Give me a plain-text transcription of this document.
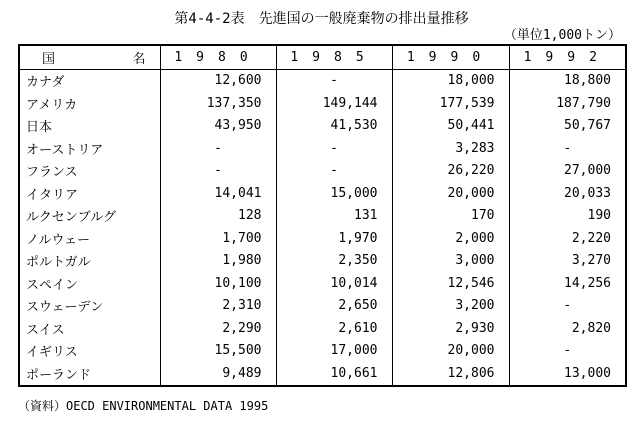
第4-4-2表　先進国の一般廃棄物の排出量推移
（単位1,000トン）
国 名	1980	1985	1990	1992
カナダ	12,600	-	18,000	18,800
アメリカ	137,350	149,144	177,539	187,790
日本	43,950	41,530	50,441	50,767
オーストリア	-	-	3,283	-
フランス	-	-	26,220	27,000
イタリア	14,041	15,000	20,000	20,033
ルクセンブルグ	128	131	170	190
ノルウェー	1,700	1,970	2,000	2,220
ポルトガル	1,980	2,350	3,000	3,270
スペイン	10,100	10,014	12,546	14,256
スウェーデン	2,310	2,650	3,200	-
スイス	2,290	2,610	2,930	2,820
イギリス	15,500	17,000	20,000	-
ポーランド	9,489	10,661	12,806	13,000
（資料）OECD ENVIRONMENTAL DATA 1995
